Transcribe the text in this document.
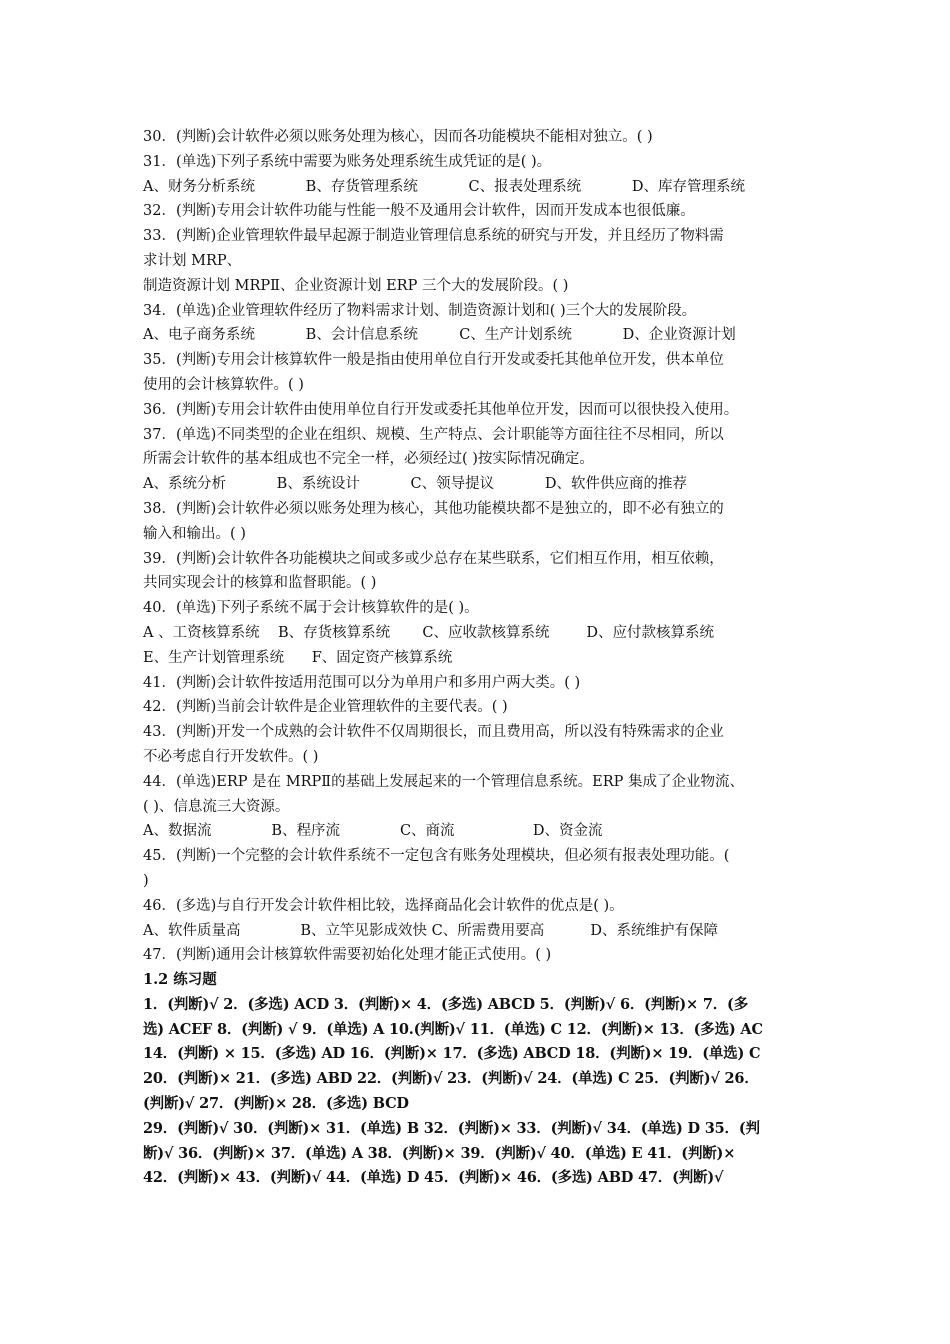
30．(判断)会计软件必须以账务处理为核心，因而各功能模块不能相对独立。( )
31．(单选)下列子系统中需要为账务处理系统生成凭证的是( )。
A、财务分析系统           B、存货管理系统           C、报表处理系统           D、库存管理系统
32．(判断)专用会计软件功能与性能一般不及通用会计软件，因而开发成本也很低廉。
33．(判断)企业管理软件最早起源于制造业管理信息系统的研究与开发，并且经历了物料需
求计划 MRP、
制造资源计划 MRPⅡ、企业资源计划 ERP 三个大的发展阶段。( )
34．(单选)企业管理软件经历了物料需求计划、制造资源计划和( )三个大的发展阶段。
A、电子商务系统           B、会计信息系统         C、生产计划系统           D、企业资源计划
35．(判断)专用会计核算软件一般是指由使用单位自行开发或委托其他单位开发，供本单位
使用的会计核算软件。( )
36．(判断)专用会计软件由使用单位自行开发或委托其他单位开发，因而可以很快投入使用。
37．(单选)不同类型的企业在组织、规模、生产特点、会计职能等方面往往不尽相同，所以
所需会计软件的基本组成也不完全一样，必须经过( )按实际情况确定。
A、系统分析           B、系统设计           C、领导提议           D、软件供应商的推荐
38．(判断)会计软件必须以账务处理为核心，其他功能模块都不是独立的，即不必有独立的
输入和输出。( )
39．(判断)会计软件各功能模块之间或多或少总存在某些联系，它们相互作用，相互依赖，
共同实现会计的核算和监督职能。( )
40．(单选)下列子系统不属于会计核算软件的是( )。
A 、工资核算系统    B、存货核算系统       C、应收款核算系统        D、应付款核算系统
E、生产计划管理系统      F、固定资产核算系统
41．(判断)会计软件按适用范围可以分为单用户和多用户两大类。( )
42．(判断)当前会计软件是企业管理软件的主要代表。( )
43．(判断)开发一个成熟的会计软件不仅周期很长，而且费用高，所以没有特殊需求的企业
不必考虑自行开发软件。( )
44．(单选)ERP 是在 MRPⅡ的基础上发展起来的一个管理信息系统。ERP 集成了企业物流、
( )、信息流三大资源。
A、数据流             B、程序流             C、商流                 D、资金流
45．(判断)一个完整的会计软件系统不一定包含有账务处理模块，但必须有报表处理功能。(
)
46．(多选)与自行开发会计软件相比较，选择商品化会计软件的优点是( )。
A、软件质量高             B、立竿见影成效快 C、所需费用要高          D、系统维护有保障
47．(判断)通用会计核算软件需要初始化处理才能正式使用。( )
1.2 练习题
1．(判断)√ 2．(多选) ACD 3．(判断)× 4．(多选) ABCD 5．(判断)√ 6．(判断)× 7．(多
选) ACEF 8．(判断) √ 9．(单选) A 10.(判断)√ 11．(单选) C 12．(判断)× 13．(多选) AC
14．(判断) × 15．(多选) AD 16．(判断)× 17．(多选) ABCD 18．(判断)× 19．(单选) C
20．(判断)× 21．(多选) ABD 22．(判断)√ 23．(判断)√ 24．(单选) C 25．(判断)√ 26．
(判断)√ 27．(判断)× 28．(多选) BCD
29．(判断)√ 30．(判断)× 31．(单选) B 32．(判断)× 33．(判断)√ 34．(单选) D 35．(判
断)√ 36．(判断)× 37．(单选) A 38．(判断)× 39．(判断)√ 40．(单选) E 41．(判断)×
42．(判断)× 43．(判断)√ 44．(单选) D 45．(判断)× 46．(多选) ABD 47．(判断)√
